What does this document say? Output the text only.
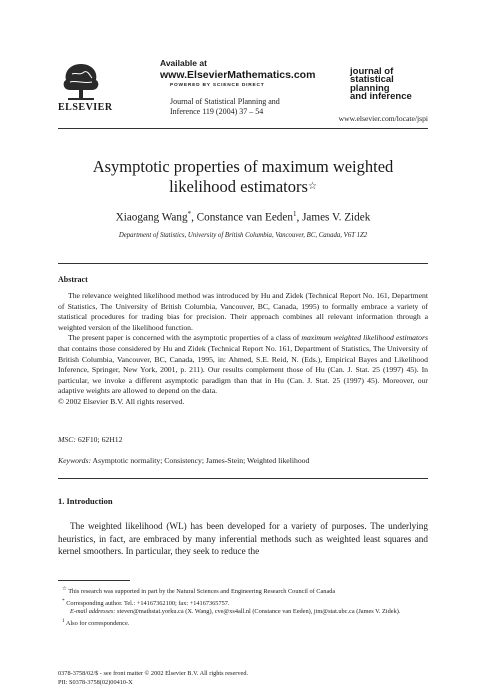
ELSEVIER
Available at
www.ElsevierMathematics.com
POWERED BY SCIENCE DIRECT
Journal of Statistical Planning and
Inference 119 (2004) 37 – 54
journal of
statistical planning
and inference
www.elsevier.com/locate/jspi
Asymptotic properties of maximum weighted
likelihood estimators☆
Xiaogang Wang*, Constance van Eeden$^1$, James V. Zidek
Department of Statistics, University of British Columbia, Vancouver, BC, Canada, V6T 1Z2
Abstract

The relevance weighted likelihood method was introduced by Hu and Zidek (Technical Report No. 161, Department of Statistics, The University of British Columbia, Vancouver, BC, Canada, 1995) to formally embrace a variety of statistical procedures for trading bias for precision. Their approach combines all relevant information through a weighted version of the likelihood function.

The present paper is concerned with the asymptotic properties of a class of maximum weighted likelihood estimators that contains those considered by Hu and Zidek (Technical Report No. 161, Department of Statistics, The University of British Columbia, Vancouver, BC, Canada, 1995, in: Ahmed, S.E. Reid, N. (Eds.), Empirical Bayes and Likelihood Inference, Springer, New York, 2001, p. 211). Our results complement those of Hu (Can. J. Stat. 25 (1997) 45). In particular, we invoke a different asymptotic paradigm than that in Hu (Can. J. Stat. 25 (1997) 45). Moreover, our adaptive weights are allowed to depend on the data.

© 2002 Elsevier B.V. All rights reserved.
MSC: 62F10; 62H12
Keywords: Asymptotic normality; Consistency; James-Stein; Weighted likelihood
1. Introduction

The weighted likelihood (WL) has been developed for a variety of purposes. The underlying heuristics, in fact, are embraced by many inferential methods such as weighted least squares and kernel smoothers. In particular, they seek to reduce the

☆ This research was supported in part by the Natural Sciences and Engineering Research Council of Canada
* Corresponding author. Tel.: +14167362100; fax: +14167365757.
E-mail addresses: steven@mathstat.yorku.ca (X. Wang), cve@xs4all.nl (Constance van Eeden), jim@stat.ubc.ca (James V. Zidek).
$^1$ Also for correspondence.
0378-3758/02/$ - see front matter © 2002 Elsevier B.V. All rights reserved.
PII: S0378-3758(02)00410-X
